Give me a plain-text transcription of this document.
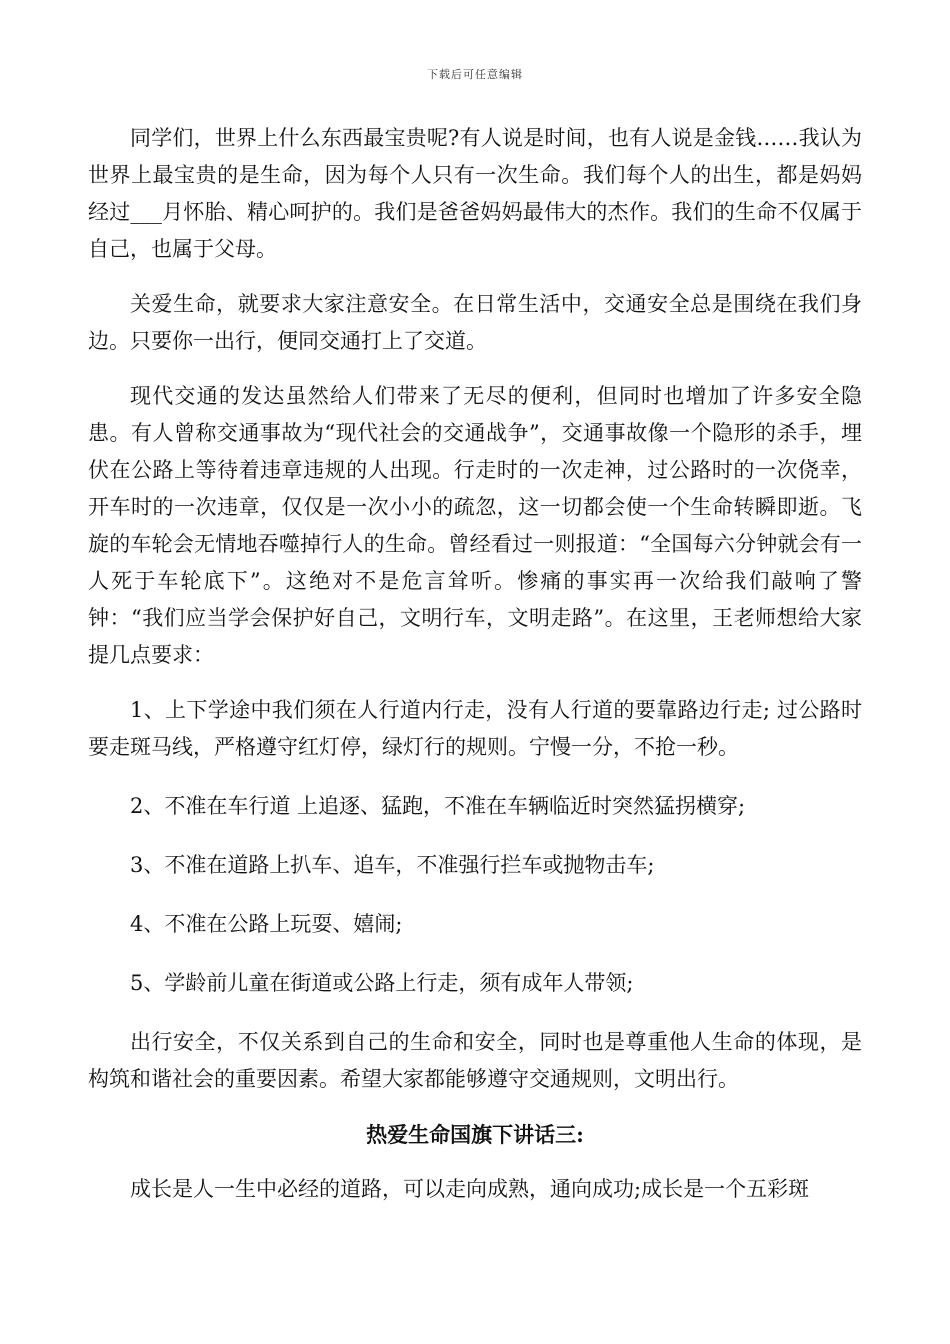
下载后可任意编辑

同学们，世界上什么东西最宝贵呢?有人说是时间，也有人说是金钱……我认为世界上最宝贵的是生命，因为每个人只有一次生命。我们每个人的出生，都是妈妈经过___月怀胎、精心呵护的。我们是爸爸妈妈最伟大的杰作。我们的生命不仅属于自己，也属于父母。

关爱生命，就要求大家注意安全。在日常生活中，交通安全总是围绕在我们身边。只要你一出行，便同交通打上了交道。

现代交通的发达虽然给人们带来了无尽的便利，但同时也增加了许多安全隐患。有人曾称交通事故为“现代社会的交通战争”，交通事故像一个隐形的杀手，埋伏在公路上等待着违章违规的人出现。行走时的一次走神，过公路时的一次侥幸，开车时的一次违章，仅仅是一次小小的疏忽，这一切都会使一个生命转瞬即逝。飞旋的车轮会无情地吞噬掉行人的生命。曾经看过一则报道：“全国每六分钟就会有一人死于车轮底下”。这绝对不是危言耸听。惨痛的事实再一次给我们敲响了警钟：“我们应当学会保护好自己，文明行车，文明走路”。在这里，王老师想给大家提几点要求：

1、上下学途中我们须在人行道内行走，没有人行道的要靠路边行走; 过公路时要走斑马线，严格遵守红灯停，绿灯行的规则。宁慢一分，不抢一秒。

2、不准在车行道 上追逐、猛跑，不准在车辆临近时突然猛拐横穿;

3、不准在道路上扒车、追车，不准强行拦车或抛物击车;

4、不准在公路上玩耍、嬉闹;

5、学龄前儿童在街道或公路上行走，须有成年人带领;

出行安全，不仅关系到自己的生命和安全，同时也是尊重他人生命的体现，是构筑和谐社会的重要因素。希望大家都能够遵守交通规则，文明出行。

热爱生命国旗下讲话三:

成长是人一生中必经的道路，可以走向成熟，通向成功;成长是一个五彩斑
